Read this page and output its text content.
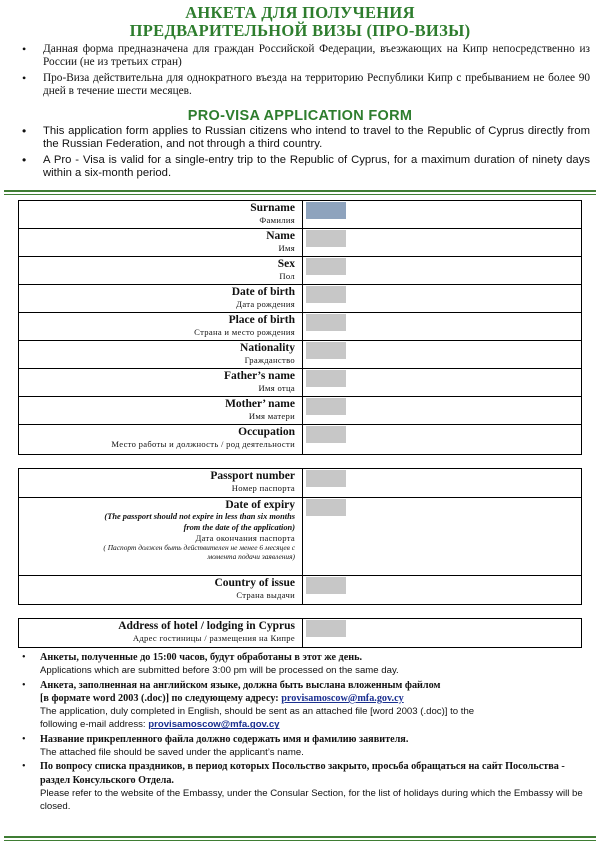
АНКЕТА ДЛЯ ПОЛУЧЕНИЯ
ПРЕДВАРИТЕЛЬНОЙ ВИЗЫ (ПРО-ВИЗЫ)
• Данная форма предназначена для граждан Российской Федерации, въезжающих на Кипр непосредственно из России (не из третьих стран)
• Про-Виза действительна для однократного въезда на территорию Республики Кипр с пребыванием не более 90 дней в течение шести месяцев.
PRO-VISA APPLICATION FORM
• This application form applies to Russian citizens who intend to travel to the Republic of Cyprus directly from the Russian Federation, and not through a third country.
• A Pro - Visa is valid for a single-entry trip to the Republic of Cyprus, for a maximum duration of ninety days within a six-month period.
Surname
Фамилия
Name
Имя
Sex
Пол
Date of birth
Дата рождения
Place of birth
Страна и место рождения
Nationality
Гражданство
Father’s name
Имя отца
Mother’ name
Имя матери
Occupation
Место работы и должность / род деятельности
Passport number
Номер паспорта
Date of expiry
(The passport should not expire in less than six months
from the date of the application)
Дата окончания паспорта
( Паспорт должен быть действителен не менее 6 месяцев с
момента подачи заявления)
Country of issue
Страна выдачи
Address of hotel / lodging in Cyprus
Адрес гостиницы / размещения на Кипре
• Анкеты, полученные до 15:00 часов, будут обработаны в этот же день.
Applications which are submitted before 3:00 pm will be processed on the same day.
• Анкета, заполненная на английском языке, должна быть выслана вложенным файлом
[в формате word 2003 (.doc)] по следующему адресу: provisamoscow@mfa.gov.cy
The application, duly completed in English, should be sent as an attached file [word 2003 (.doc)] to the
following e-mail address: provisamoscow@mfa.gov.cy
• Название прикрепленного файла должно содержать имя и фамилию заявителя.
The attached file should be saved under the applicant’s name.
• По вопросу списка праздников, в период которых Посольство закрыто, просьба обращаться на сайт Посольства - раздел Консульского Отдела.
Please refer to the website of the Embassy, under the Consular Section, for the list of holidays during which the Embassy will be closed.
